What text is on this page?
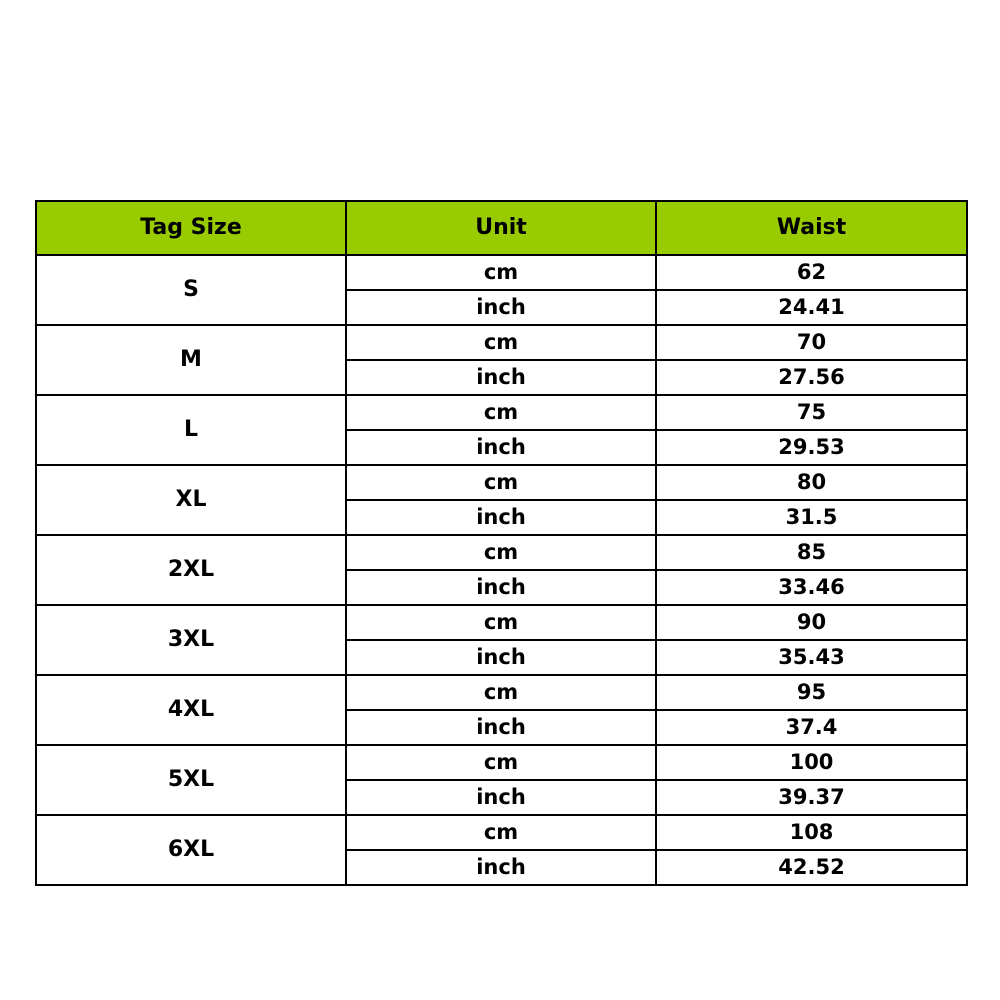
Tag Size	Unit	Waist
S	cm	62
	inch	24.41
M	cm	70
	inch	27.56
L	cm	75
	inch	29.53
XL	cm	80
	inch	31.5
2XL	cm	85
	inch	33.46
3XL	cm	90
	inch	35.43
4XL	cm	95
	inch	37.4
5XL	cm	100
	inch	39.37
6XL	cm	108
	inch	42.52
